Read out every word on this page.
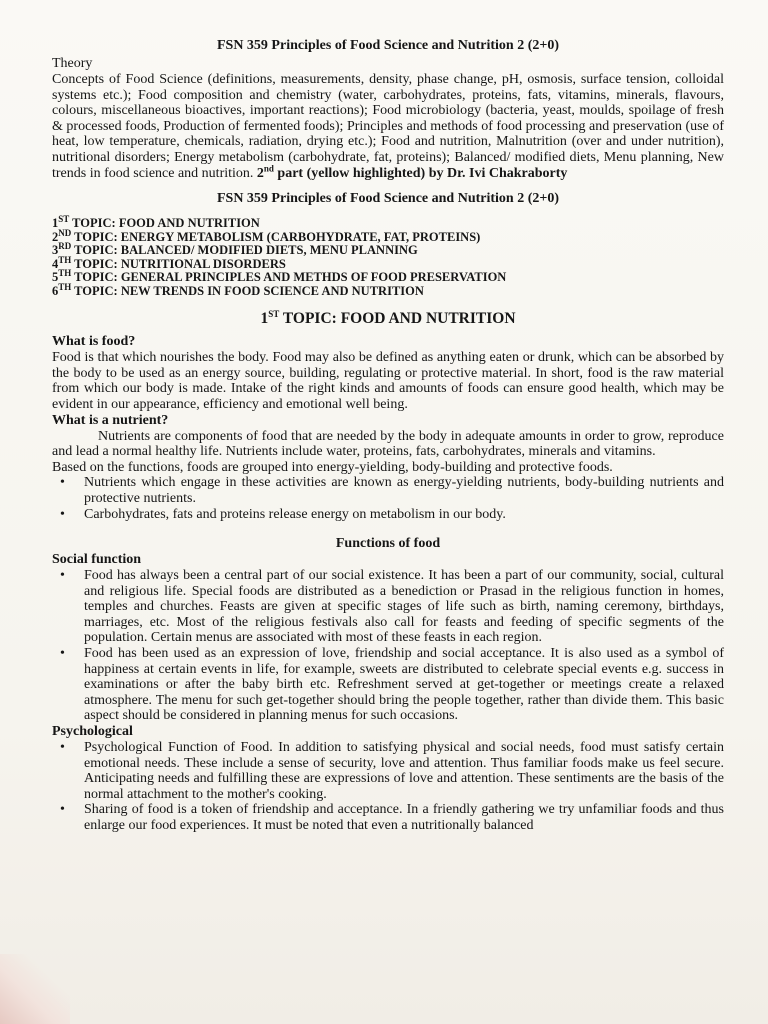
FSN 359 Principles of Food Science and Nutrition 2 (2+0)
Theory

Concepts of Food Science (definitions, measurements, density, phase change, pH, osmosis, surface tension, colloidal systems etc.); Food composition and chemistry (water, carbohydrates, proteins, fats, vitamins, minerals, flavours, colours, miscellaneous bioactives, important reactions); Food microbiology (bacteria, yeast, moulds, spoilage of fresh & processed foods, Production of fermented foods); Principles and methods of food processing and preservation (use of heat, low temperature, chemicals, radiation, drying etc.); Food and nutrition, Malnutrition (over and under nutrition), nutritional disorders; Energy metabolism (carbohydrate, fat, proteins); Balanced/ modified diets, Menu planning, New trends in food science and nutrition. 2nd part (yellow highlighted) by Dr. Ivi Chakraborty

FSN 359 Principles of Food Science and Nutrition 2 (2+0)
1ST TOPIC: FOOD AND NUTRITION
2ND TOPIC: ENERGY METABOLISM (CARBOHYDRATE, FAT, PROTEINS)
3RD TOPIC: BALANCED/ MODIFIED DIETS, MENU PLANNING
4TH TOPIC: NUTRITIONAL DISORDERS
5TH TOPIC: GENERAL PRINCIPLES AND METHDS OF FOOD PRESERVATION
6TH TOPIC: NEW TRENDS IN FOOD SCIENCE AND NUTRITION
1ST TOPIC: FOOD AND NUTRITION
What is food?

Food is that which nourishes the body. Food may also be defined as anything eaten or drunk, which can be absorbed by the body to be used as an energy source, building, regulating or protective material. In short, food is the raw material from which our body is made. Intake of the right kinds and amounts of foods can ensure good health, which may be evident in our appearance, efficiency and emotional well being.

What is a nutrient?

Nutrients are components of food that are needed by the body in adequate amounts in order to grow, reproduce and lead a normal healthy life. Nutrients include water, proteins, fats, carbohydrates, minerals and vitamins.

Based on the functions, foods are grouped into energy-yielding, body-building and protective foods.

• Nutrients which engage in these activities are known as energy-yielding nutrients, body-building nutrients and protective nutrients.
• Carbohydrates, fats and proteins release energy on metabolism in our body.
Functions of food
Social function
• Food has always been a central part of our social existence. It has been a part of our community, social, cultural and religious life. Special foods are distributed as a benediction or Prasad in the religious function in homes, temples and churches. Feasts are given at specific stages of life such as birth, naming ceremony, birthdays, marriages, etc. Most of the religious festivals also call for feasts and feeding of specific segments of the population. Certain menus are associated with most of these feasts in each region.
• Food has been used as an expression of love, friendship and social acceptance. It is also used as a symbol of happiness at certain events in life, for example, sweets are distributed to celebrate special events e.g. success in examinations or after the baby birth etc. Refreshment served at get-together or meetings create a relaxed atmosphere. The menu for such get-together should bring the people together, rather than divide them. This basic aspect should be considered in planning menus for such occasions.
Psychological
• Psychological Function of Food. In addition to satisfying physical and social needs, food must satisfy certain emotional needs. These include a sense of security, love and attention. Thus familiar foods make us feel secure. Anticipating needs and fulfilling these are expressions of love and attention. These sentiments are the basis of the normal attachment to the mother's cooking.
• Sharing of food is a token of friendship and acceptance. In a friendly gathering we try unfamiliar foods and thus enlarge our food experiences. It must be noted that even a nutritionally balanced
